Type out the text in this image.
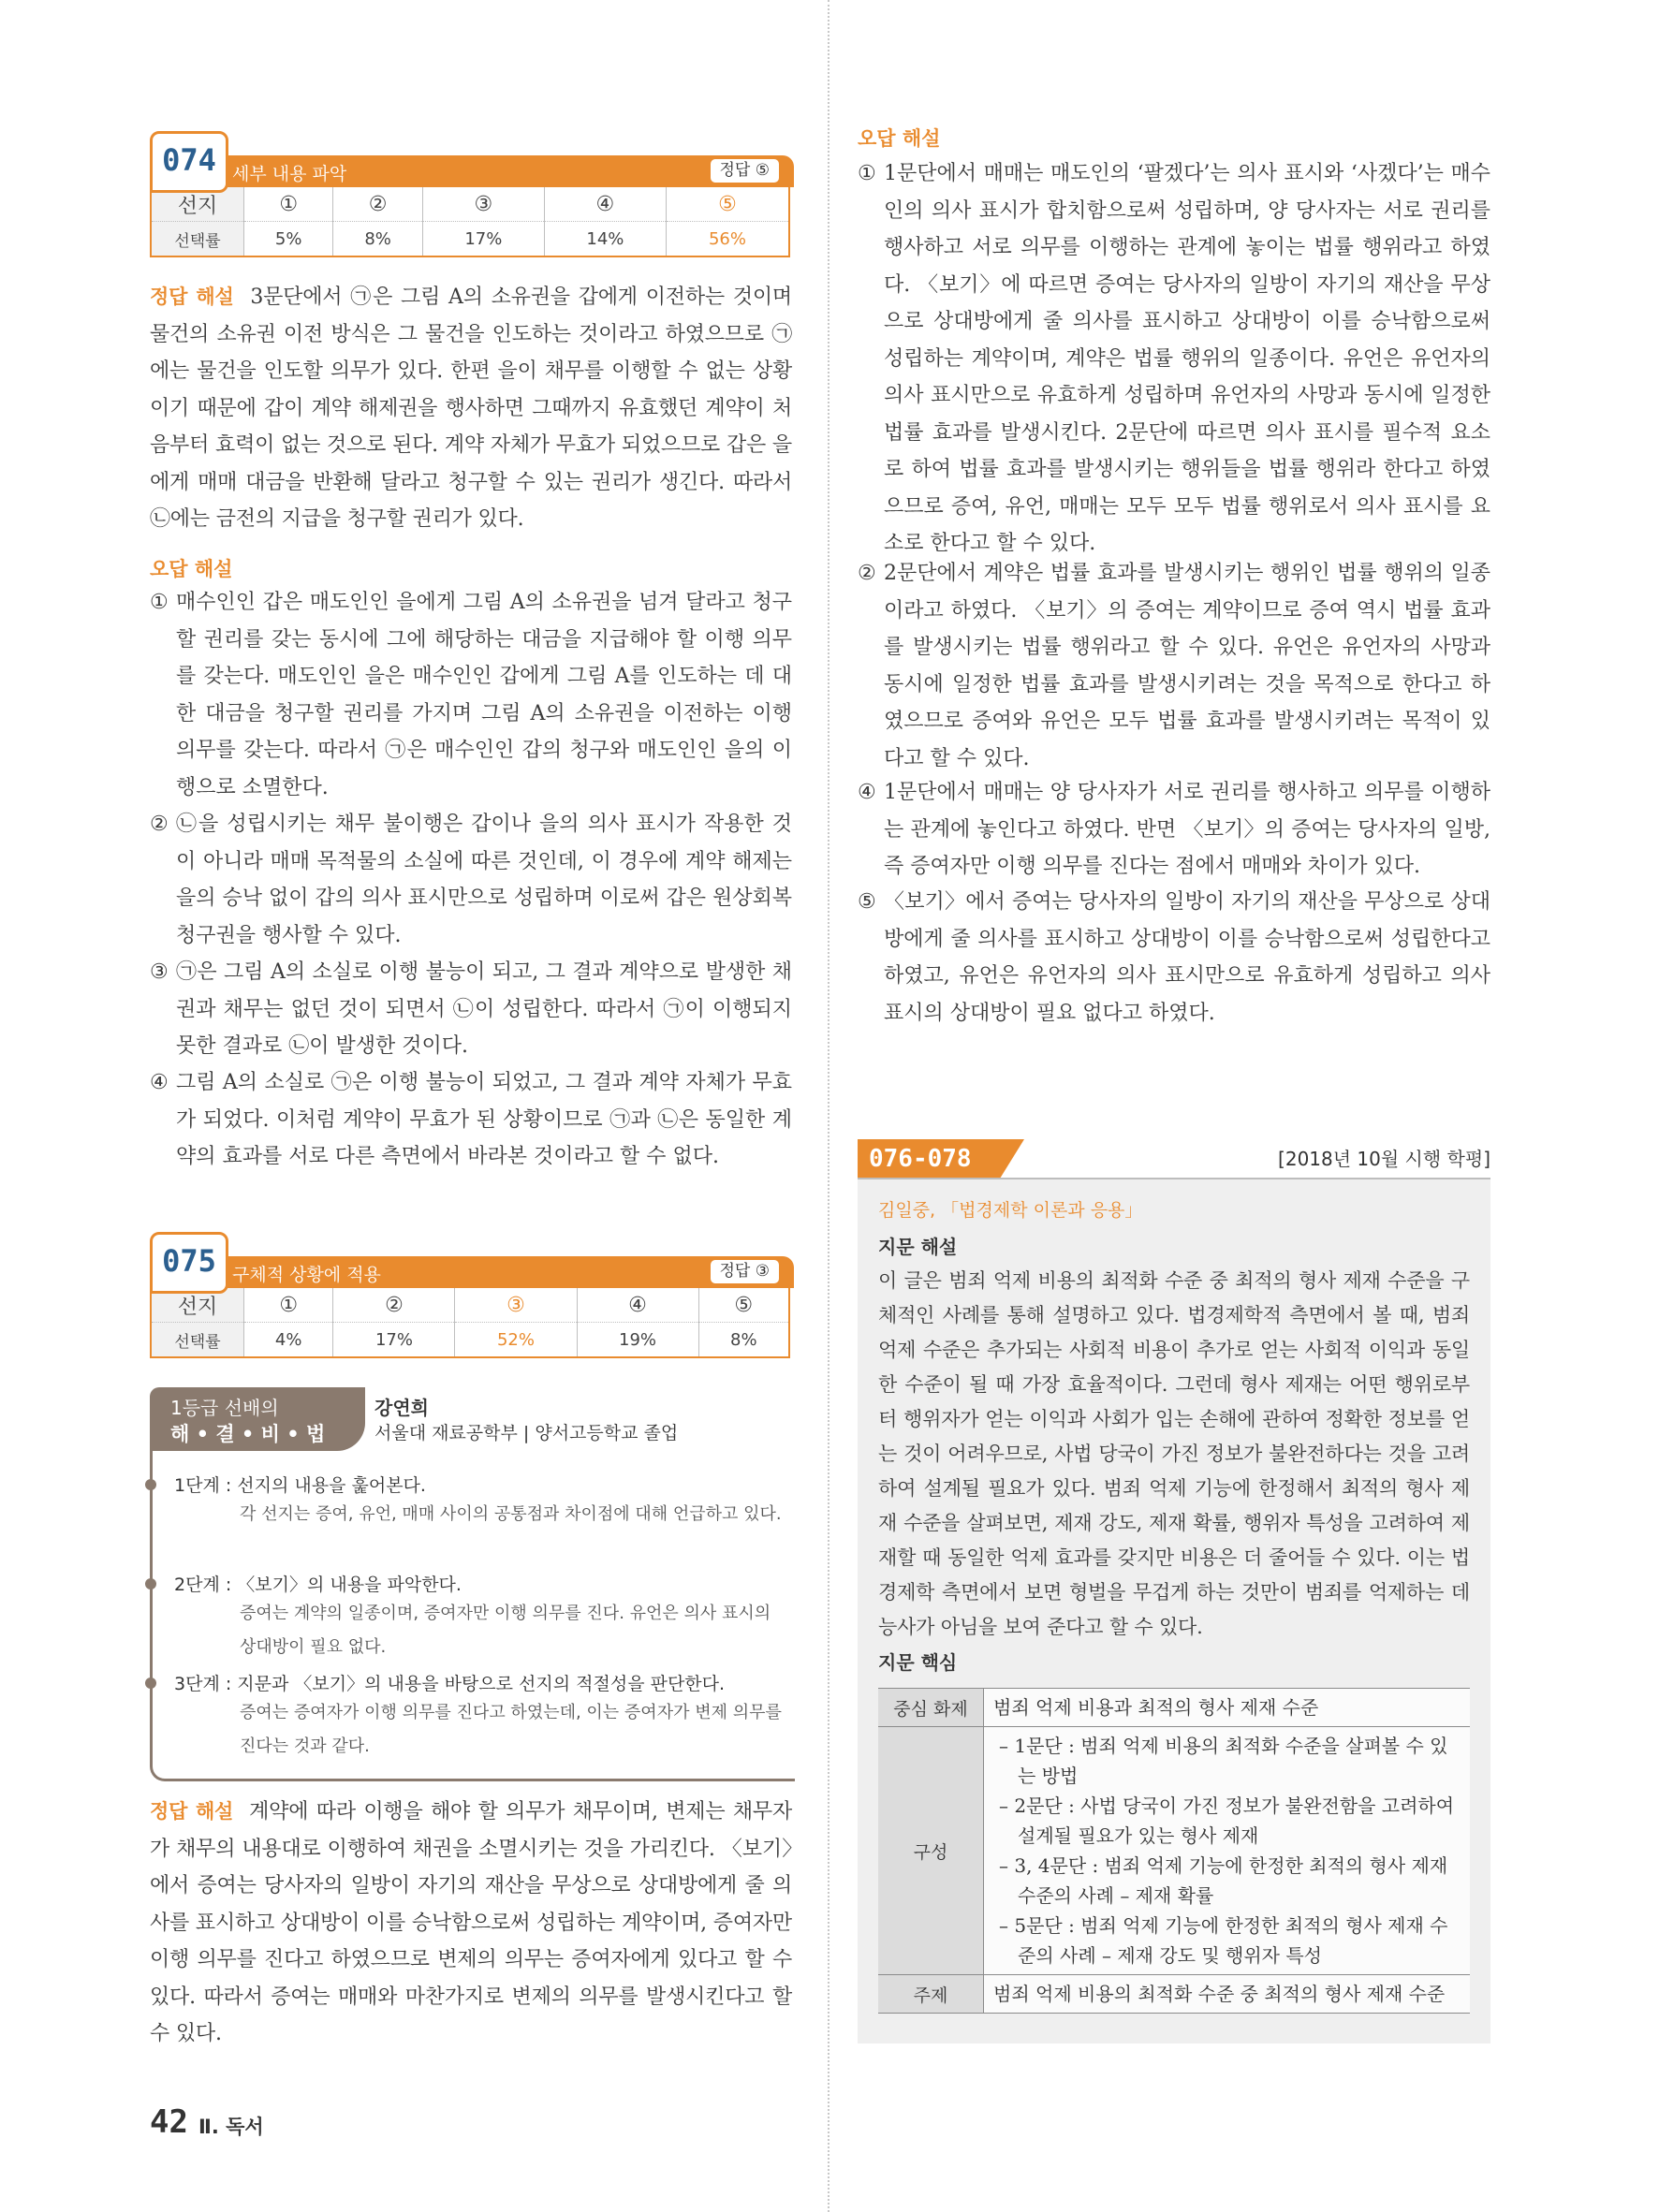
074 세부 내용 파악	정답 ⑤
선지	①	②	③	④	⑤
선택률	5%	8%	17%	14%	56%
정답 해설 3문단에서 ㉠은 그림 A의 소유권을 갑에게 이전하는 것이며 물건의 소유권 이전 방식은 그 물건을 인도하는 것이라고 하였으므로 ㉠에는 물건을 인도할 의무가 있다. 한편 을이 채무를 이행할 수 없는 상황이기 때문에 갑이 계약 해제권을 행사하면 그때까지 유효했던 계약이 처음부터 효력이 없는 것으로 된다. 계약 자체가 무효가 되었으므로 갑은 을에게 매매 대금을 반환해 달라고 청구할 수 있는 권리가 생긴다. 따라서 ㉡에는 금전의 지급을 청구할 권리가 있다.
오답 해설
① 매수인인 갑은 매도인인 을에게 그림 A의 소유권을 넘겨 달라고 청구할 권리를 갖는 동시에 그에 해당하는 대금을 지급해야 할 이행 의무를 갖는다. 매도인인 을은 매수인인 갑에게 그림 A를 인도하는 데 대한 대금을 청구할 권리를 가지며 그림 A의 소유권을 이전하는 이행 의무를 갖는다. 따라서 ㉠은 매수인인 갑의 청구와 매도인인 을의 이행으로 소멸한다.
② ㉡을 성립시키는 채무 불이행은 갑이나 을의 의사 표시가 작용한 것이 아니라 매매 목적물의 소실에 따른 것인데, 이 경우에 계약 해제는 을의 승낙 없이 갑의 의사 표시만으로 성립하며 이로써 갑은 원상회복 청구권을 행사할 수 있다.
③ ㉠은 그림 A의 소실로 이행 불능이 되고, 그 결과 계약으로 발생한 채권과 채무는 없던 것이 되면서 ㉡이 성립한다. 따라서 ㉠이 이행되지 못한 결과로 ㉡이 발생한 것이다.
④ 그림 A의 소실로 ㉠은 이행 불능이 되었고, 그 결과 계약 자체가 무효가 되었다. 이처럼 계약이 무효가 된 상황이므로 ㉠과 ㉡은 동일한 계약의 효과를 서로 다른 측면에서 바라본 것이라고 할 수 없다.
075 구체적 상황에 적용	정답 ③
선지	①	②	③	④	⑤
선택률	4%	17%	52%	19%	8%
1등급 선배의
해 • 결 • 비 • 법
강연희
서울대 재료공학부 | 양서고등학교 졸업
1단계 : 선지의 내용을 훑어본다.
각 선지는 증여, 유언, 매매 사이의 공통점과 차이점에 대해 언급하고 있다.
2단계 : 〈보기〉의 내용을 파악한다.
증여는 계약의 일종이며, 증여자만 이행 의무를 진다. 유언은 의사 표시의 상대방이 필요 없다.
3단계 : 지문과 〈보기〉의 내용을 바탕으로 선지의 적절성을 판단한다.
증여는 증여자가 이행 의무를 진다고 하였는데, 이는 증여자가 변제 의무를 진다는 것과 같다.
정답 해설 계약에 따라 이행을 해야 할 의무가 채무이며, 변제는 채무자가 채무의 내용대로 이행하여 채권을 소멸시키는 것을 가리킨다. 〈보기〉에서 증여는 당사자의 일방이 자기의 재산을 무상으로 상대방에게 줄 의사를 표시하고 상대방이 이를 승낙함으로써 성립하는 계약이며, 증여자만 이행 의무를 진다고 하였으므로 변제의 의무는 증여자에게 있다고 할 수 있다. 따라서 증여는 매매와 마찬가지로 변제의 의무를 발생시킨다고 할 수 있다.
오답 해설
① 1문단에서 매매는 매도인의 ‘팔겠다’는 의사 표시와 ‘사겠다’는 매수인의 의사 표시가 합치함으로써 성립하며, 양 당사자는 서로 권리를 행사하고 서로 의무를 이행하는 관계에 놓이는 법률 행위라고 하였다. 〈보기〉에 따르면 증여는 당사자의 일방이 자기의 재산을 무상으로 상대방에게 줄 의사를 표시하고 상대방이 이를 승낙함으로써 성립하는 계약이며, 계약은 법률 행위의 일종이다. 유언은 유언자의 의사 표시만으로 유효하게 성립하며 유언자의 사망과 동시에 일정한 법률 효과를 발생시킨다. 2문단에 따르면 의사 표시를 필수적 요소로 하여 법률 효과를 발생시키는 행위들을 법률 행위라 한다고 하였으므로 증여, 유언, 매매는 모두 모두 법률 행위로서 의사 표시를 요소로 한다고 할 수 있다.
② 2문단에서 계약은 법률 효과를 발생시키는 행위인 법률 행위의 일종이라고 하였다. 〈보기〉의 증여는 계약이므로 증여 역시 법률 효과를 발생시키는 법률 행위라고 할 수 있다. 유언은 유언자의 사망과 동시에 일정한 법률 효과를 발생시키려는 것을 목적으로 한다고 하였으므로 증여와 유언은 모두 법률 효과를 발생시키려는 목적이 있다고 할 수 있다.
④ 1문단에서 매매는 양 당사자가 서로 권리를 행사하고 의무를 이행하는 관계에 놓인다고 하였다. 반면 〈보기〉의 증여는 당사자의 일방, 즉 증여자만 이행 의무를 진다는 점에서 매매와 차이가 있다.
⑤ 〈보기〉에서 증여는 당사자의 일방이 자기의 재산을 무상으로 상대방에게 줄 의사를 표시하고 상대방이 이를 승낙함으로써 성립한다고 하였고, 유언은 유언자의 의사 표시만으로 유효하게 성립하고 의사 표시의 상대방이 필요 없다고 하였다.
076-078	[2018년 10월 시행 학평]
김일중, 「법경제학 이론과 응용」
지문 해설
이 글은 범죄 억제 비용의 최적화 수준 중 최적의 형사 제재 수준을 구체적인 사례를 통해 설명하고 있다. 법경제학적 측면에서 볼 때, 범죄 억제 수준은 추가되는 사회적 비용이 추가로 얻는 사회적 이익과 동일한 수준이 될 때 가장 효율적이다. 그런데 형사 제재는 어떤 행위로부터 행위자가 얻는 이익과 사회가 입는 손해에 관하여 정확한 정보를 얻는 것이 어려우므로, 사법 당국이 가진 정보가 불완전하다는 것을 고려하여 설계될 필요가 있다. 범죄 억제 기능에 한정해서 최적의 형사 제재 수준을 살펴보면, 제재 강도, 제재 확률, 행위자 특성을 고려하여 제재할 때 동일한 억제 효과를 갖지만 비용은 더 줄어들 수 있다. 이는 법경제학 측면에서 보면 형벌을 무겁게 하는 것만이 범죄를 억제하는 데 능사가 아님을 보여 준다고 할 수 있다.
지문 핵심
중심 화제	범죄 억제 비용과 최적의 형사 제재 수준
구성	– 1문단 : 범죄 억제 비용의 최적화 수준을 살펴볼 수 있는 방법
– 2문단 : 사법 당국이 가진 정보가 불완전함을 고려하여 설계될 필요가 있는 형사 제재
– 3, 4문단 : 범죄 억제 기능에 한정한 최적의 형사 제재 수준의 사례 – 제재 확률
– 5문단 : 범죄 억제 기능에 한정한 최적의 형사 제재 수준의 사례 – 제재 강도 및 행위자 특성

주제	범죄 억제 비용의 최적화 수준 중 최적의 형사 제재 수준
42 Ⅱ. 독서
